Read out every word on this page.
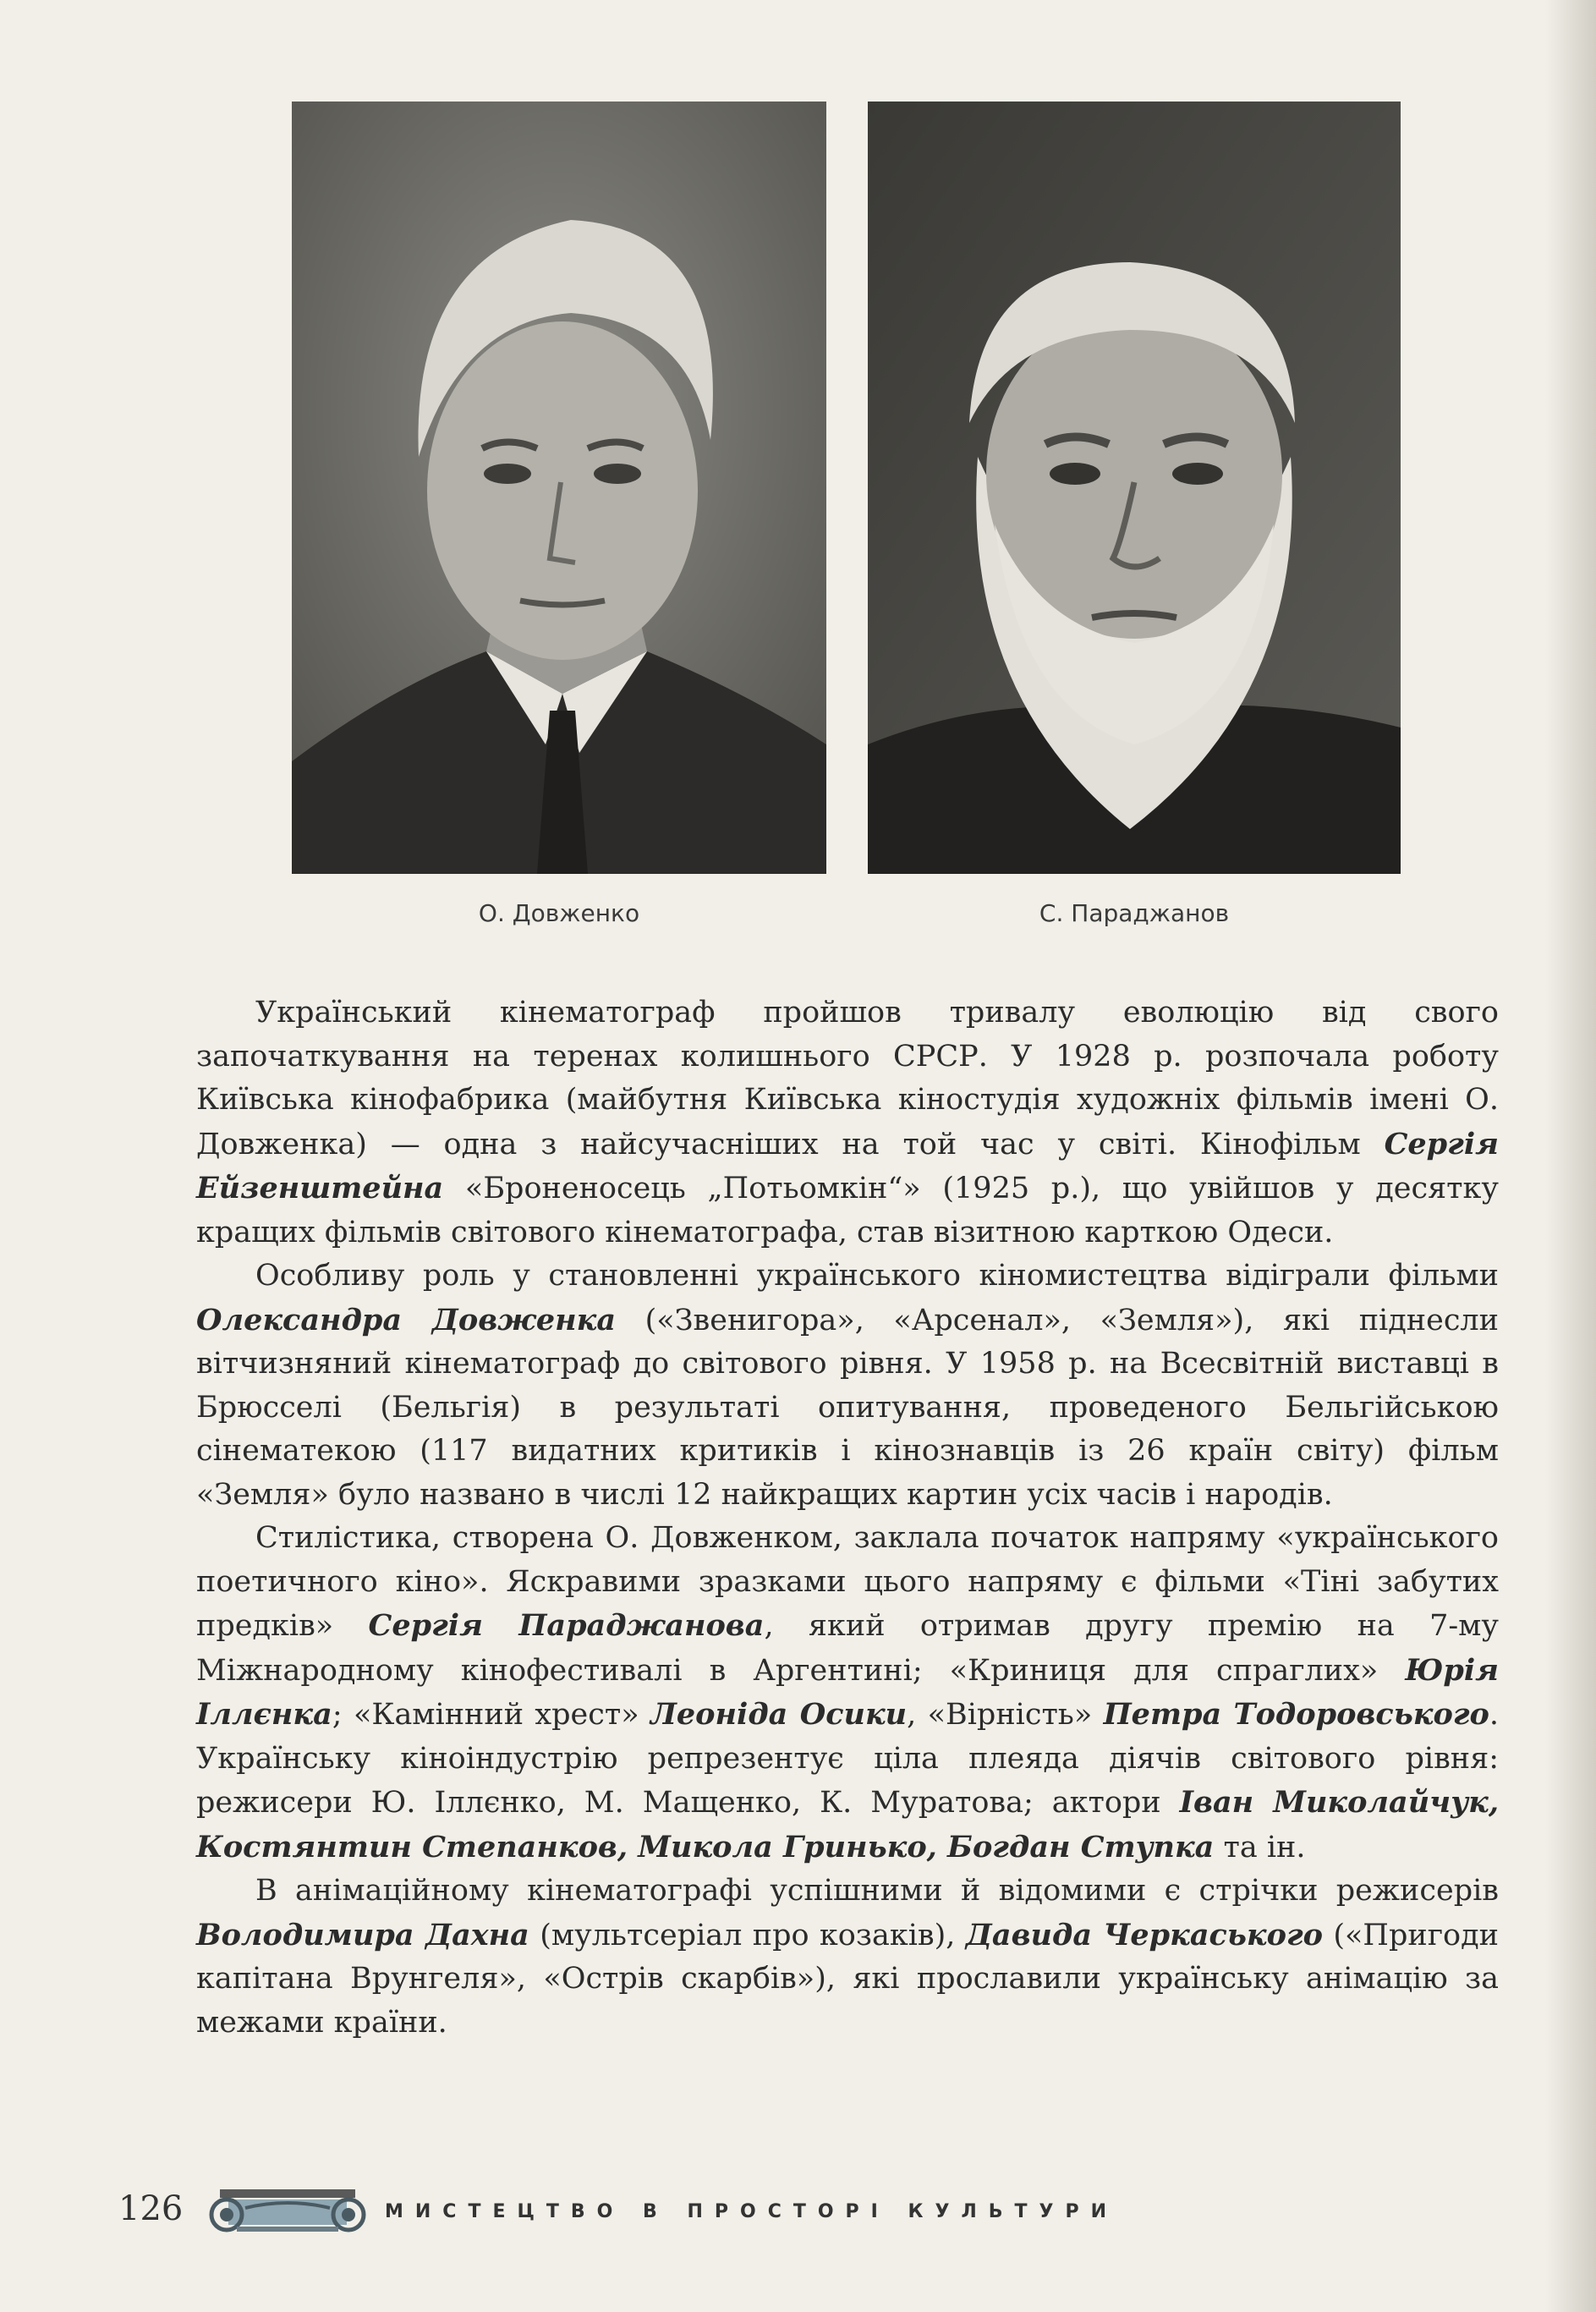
О. Довженко	С. Параджанов

Український кінематограф пройшов тривалу еволюцію від свого започаткування на теренах колишнього СРСР. У 1928 р. розпочала роботу Київська кінофабрика (майбутня Київська кіностудія художніх фільмів імені О. Довженка) — одна з найсучасніших на той час у світі. Кінофільм Сергія Ейзенштейна «Броненосець „Потьомкін“» (1925 р.), що увійшов у десятку кращих фільмів світового кінематографа, став візитною карткою Одеси.

Особливу роль у становленні українського кіномистецтва відіграли фільми Олександра Довженка («Звенигора», «Арсенал», «Земля»), які піднесли вітчизняний кінематограф до світового рівня. У 1958 р. на Всесвітній виставці в Брюсселі (Бельгія) в результаті опитування, проведеного Бельгійською сінематекою (117 видатних критиків і кінознавців із 26 країн світу) фільм «Земля» було названо в числі 12 найкращих картин усіх часів і народів.

Стилістика, створена О. Довженком, заклала початок напряму «українського поетичного кіно». Яскравими зразками цього напряму є фільми «Тіні забутих предків» Сергія Параджанова, який отримав другу премію на 7-му Міжнародному кінофестивалі в Аргентині; «Криниця для спраглих» Юрія Іллєнка; «Камінний хрест» Леоніда Осики, «Вірність» Петра Тодоровського. Українську кіноіндустрію репрезентує ціла плеяда діячів світового рівня: режисери Ю. Іллєнко, М. Мащенко, К. Муратова; актори Іван Миколайчук, Костянтин Степанков, Микола Гринько, Богдан Ступка та ін.

В анімаційному кінематографі успішними й відомими є стрічки режисерів Володимира Дахна (мультсеріал про козаків), Давида Черкаського («Пригоди капітана Врунгеля», «Острів скарбів»), які прославили українську анімацію за межами країни.

126	МИСТЕЦТВО В ПРОСТОРІ КУЛЬТУРИ
